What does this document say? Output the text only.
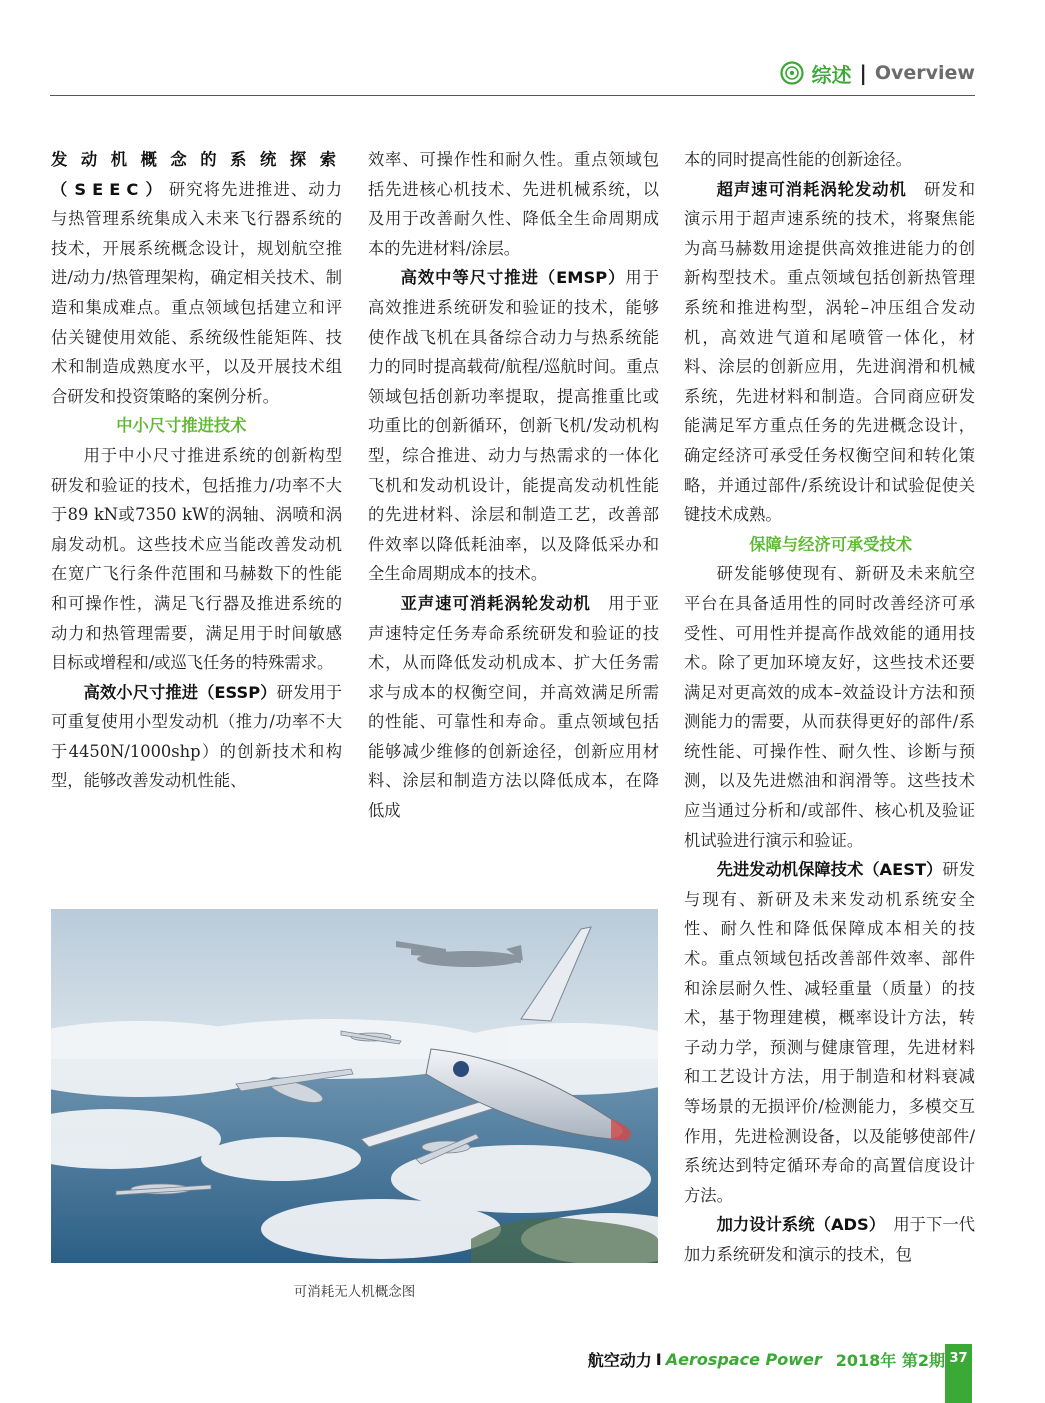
综述 | Overview

发动机概念的系统探索（SEEC）研究将先进推进、动力与热管理系统集成入未来飞行器系统的技术，开展系统概念设计，规划航空推进/动力/热管理架构，确定相关技术、制造和集成难点。重点领域包括建立和评估关键使用效能、系统级性能矩阵、技术和制造成熟度水平，以及开展技术组合研发和投资策略的案例分析。

中小尺寸推进技术

用于中小尺寸推进系统的创新构型研发和验证的技术，包括推力/功率不大于89 kN或7350 kW的涡轴、涡喷和涡扇发动机。这些技术应当能改善发动机在宽广飞行条件范围和马赫数下的性能和可操作性，满足飞行器及推进系统的动力和热管理需要，满足用于时间敏感目标或增程和/或巡飞任务的特殊需求。

高效小尺寸推进（ESSP）研发用于可重复使用小型发动机（推力/功率不大于4450N/1000shp）的创新技术和构型，能够改善发动机性能、

效率、可操作性和耐久性。重点领域包括先进核心机技术、先进机械系统，以及用于改善耐久性、降低全生命周期成本的先进材料/涂层。

高效中等尺寸推进（EMSP）用于高效推进系统研发和验证的技术，能够使作战飞机在具备综合动力与热系统能力的同时提高载荷/航程/巡航时间。重点领域包括创新功率提取，提高推重比或功重比的创新循环，创新飞机/发动机构型，综合推进、动力与热需求的一体化飞机和发动机设计，能提高发动机性能的先进材料、涂层和制造工艺，改善部件效率以降低耗油率，以及降低采办和全生命周期成本的技术。

亚声速可消耗涡轮发动机　用于亚声速特定任务寿命系统研发和验证的技术，从而降低发动机成本、扩大任务需求与成本的权衡空间，并高效满足所需的性能、可靠性和寿命。重点领域包括能够减少维修的创新途径，创新应用材料、涂层和制造方法以降低成本，在降低成

本的同时提高性能的创新途径。

超声速可消耗涡轮发动机　研发和演示用于超声速系统的技术，将聚焦能为高马赫数用途提供高效推进能力的创新构型技术。重点领域包括创新热管理系统和推进构型，涡轮–冲压组合发动机，高效进气道和尾喷管一体化，材料、涂层的创新应用，先进润滑和机械系统，先进材料和制造。合同商应研发能满足军方重点任务的先进概念设计，确定经济可承受任务权衡空间和转化策略，并通过部件/系统设计和试验促使关键技术成熟。

保障与经济可承受技术

研发能够使现有、新研及未来航空平台在具备适用性的同时改善经济可承受性、可用性并提高作战效能的通用技术。除了更加环境友好，这些技术还要满足对更高效的成本–效益设计方法和预测能力的需要，从而获得更好的部件/系统性能、可操作性、耐久性、诊断与预测，以及先进燃油和润滑等。这些技术应当通过分析和/或部件、核心机及验证机试验进行演示和验证。

先进发动机保障技术（AEST）研发与现有、新研及未来发动机系统安全性、耐久性和降低保障成本相关的技术。重点领域包括改善部件效率、部件和涂层耐久性、减轻重量（质量）的技术，基于物理建模，概率设计方法，转子动力学，预测与健康管理，先进材料和工艺设计方法，用于制造和材料衰减等场景的无损评价/检测能力，多模交互作用，先进检测设备，以及能够使部件/系统达到特定循环寿命的高置信度设计方法。

加力设计系统（ADS）　用于下一代加力系统研发和演示的技术，包

可消耗无人机概念图
航空动力 I Aerospace Power 2018年 第2期 37
